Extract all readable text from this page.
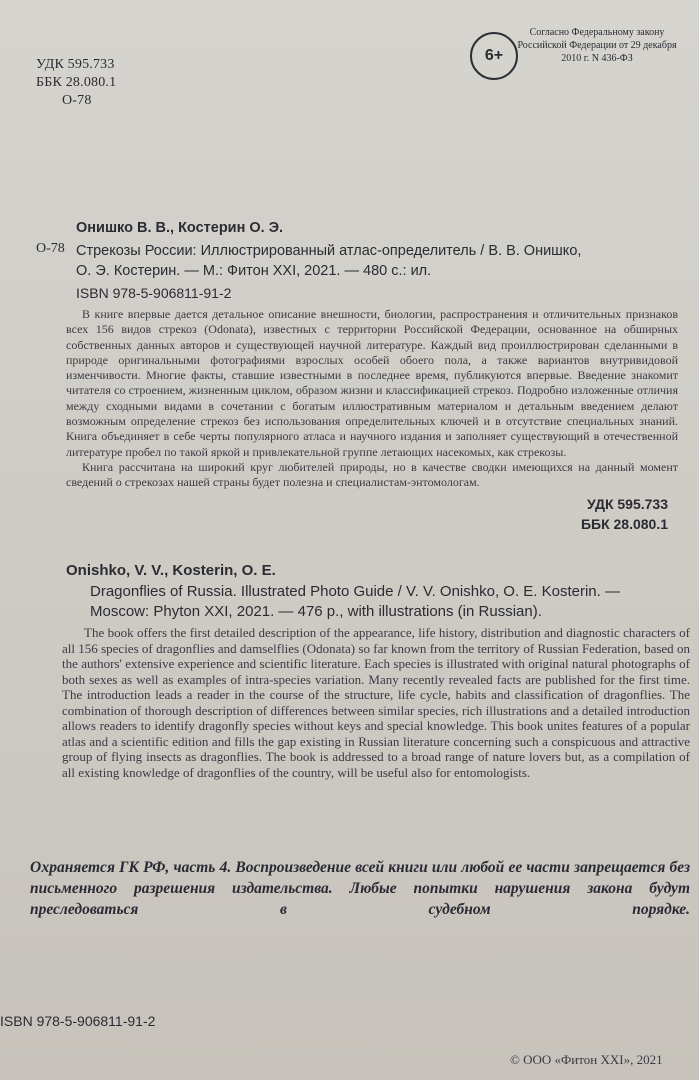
УДК 595.733
ББК 28.080.1
О-78
6+
Согласно Федеральному закону Российской Федерации от 29 декабря 2010 г. N 436-ФЗ
Онишко В. В., Костерин О. Э.
О-78 Стрекозы России: Иллюстрированный атлас-определитель / В. В. Онишко,
О. Э. Костерин. — М.: Фитон XXI, 2021. — 480 с.: ил.
ISBN 978-5-906811-91-2

В книге впервые дается детальное описание внешности, биологии, распространения и отличительных признаков всех 156 видов стрекоз (Odonata), известных с территории Российской Федерации, основанное на обширных собственных данных авторов и существующей научной литературе. Каждый вид проиллюстрирован сделанными в природе оригинальными фотографиями взрослых особей обоего пола, а также вариантов внутривидовой изменчивости. Многие факты, ставшие известными в последнее время, публикуются впервые. Введение знакомит читателя со строением, жизненным циклом, образом жизни и классификацией стрекоз. Подробно изложенные отличия между сходными видами в сочетании с богатым иллюстративным материалом и детальным введением делают возможным определение стрекоз без использования определительных ключей и в отсутствие специальных знаний. Книга объединяет в себе черты популярного атласа и научного издания и заполняет существующий в отечественной литературе пробел по такой яркой и привлекательной группе летающих насекомых, как стрекозы.

Книга рассчитана на широкий круг любителей природы, но в качестве сводки имеющихся на данный момент сведений о стрекозах нашей страны будет полезна и специалистам-энтомологам.

УДК 595.733
ББК 28.080.1
Onishko, V. V., Kosterin, O. E.
Dragonflies of Russia. Illustrated Photo Guide / V. V. Onishko, O. E. Kosterin. —
Moscow: Phyton XXI, 2021. — 476 p., with illustrations (in Russian).

The book offers the first detailed description of the appearance, life history, distribution and diagnostic characters of all 156 species of dragonflies and damselflies (Odonata) so far known from the territory of Russian Federation, based on the authors' extensive experience and scientific literature. Each species is illustrated with original natural photographs of both sexes as well as examples of intra-species variation. Many recently revealed facts are published for the first time. The introduction leads a reader in the course of the structure, life cycle, habits and classification of dragonflies. The combination of thorough description of differences between similar species, rich illustrations and a detailed introduction allows readers to identify dragonfly species without keys and special knowledge. This book unites features of a popular atlas and a scientific edition and fills the gap existing in Russian literature concerning such a conspicuous and attractive group of flying insects as dragonflies. The book is addressed to a broad range of nature lovers but, as a compilation of all existing knowledge of dragonflies of the country, will be useful also for entomologists.

Охраняется ГК РФ, часть 4. Воспроизведение всей книги или любой ее части запрещается без письменного разрешения издательства. Любые попытки нарушения закона будут преследоваться в судебном порядке.
ISBN 978-5-906811-91-2
© ООО «Фитон XXI», 2021
